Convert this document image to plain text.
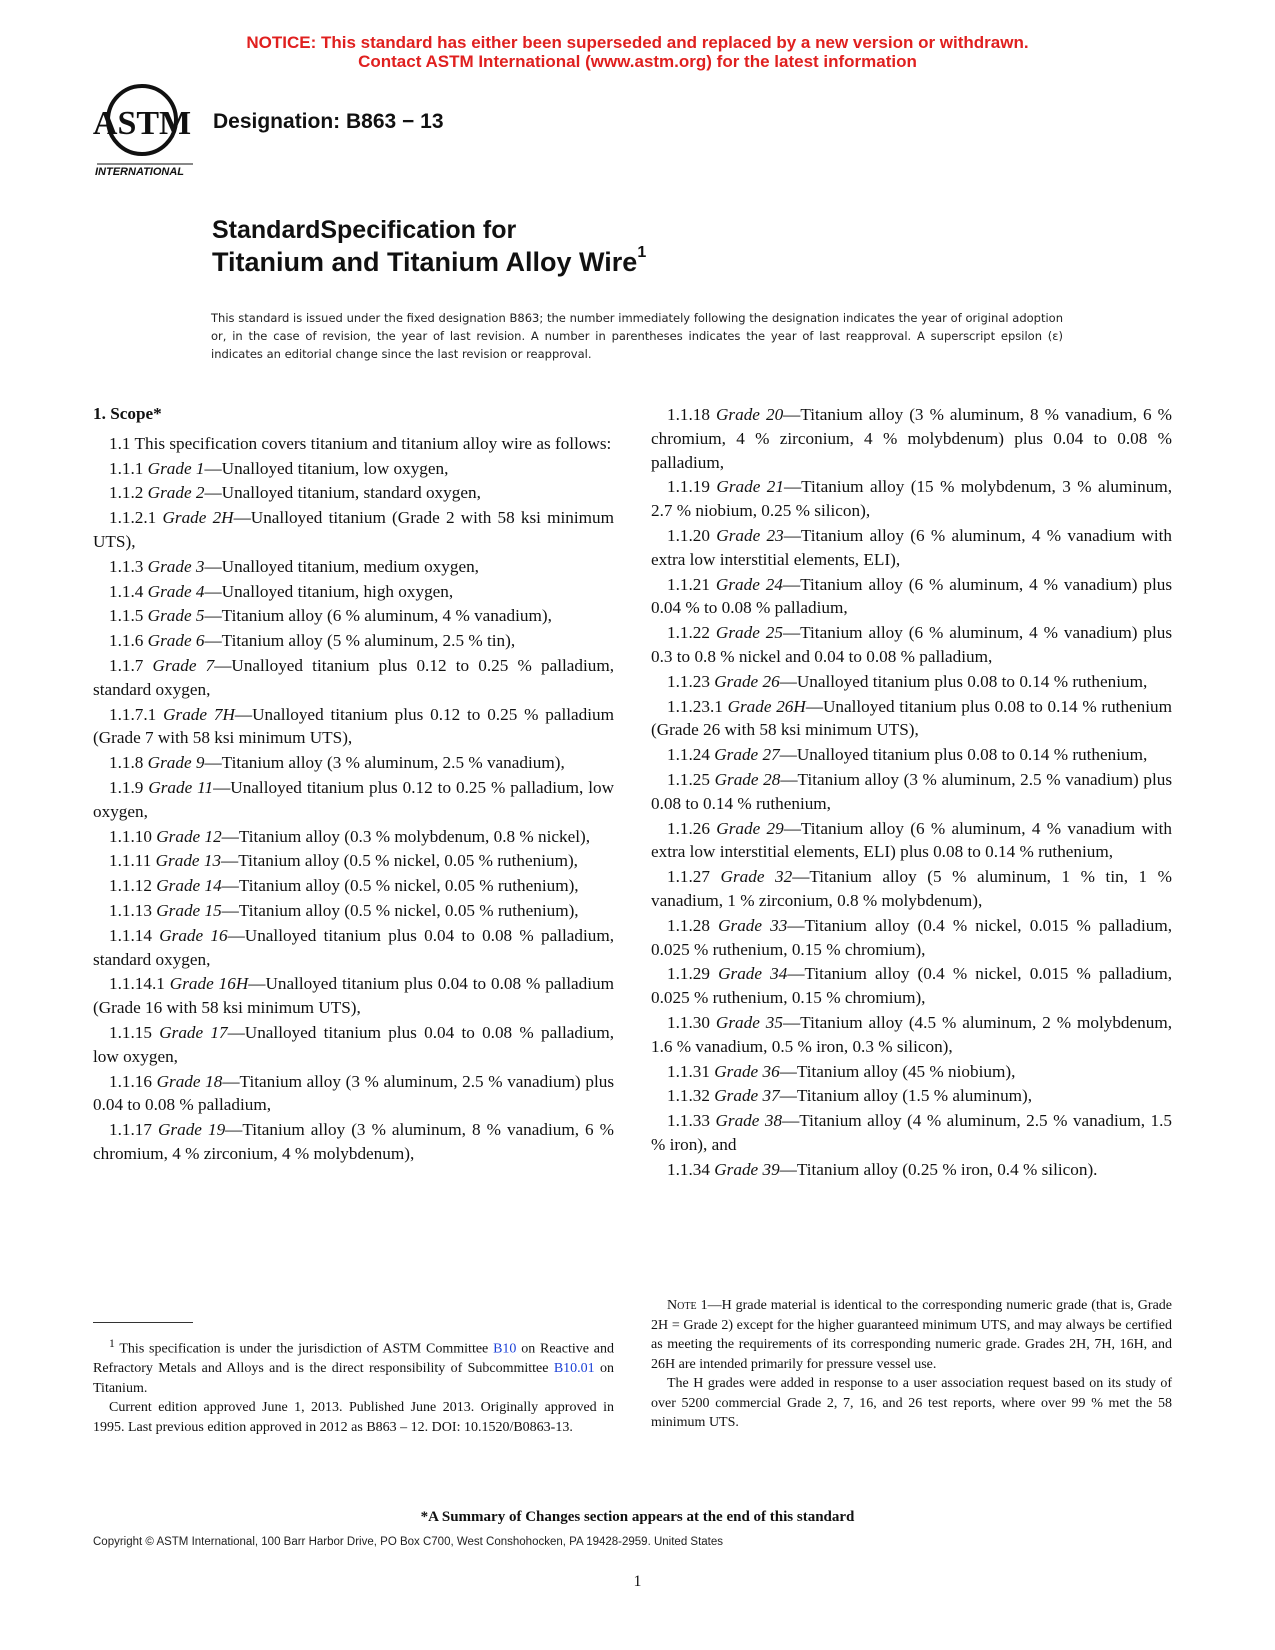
NOTICE: This standard has either been superseded and replaced by a new version or withdrawn.
Contact ASTM International (www.astm.org) for the latest information
ASTM
INTERNATIONAL
Designation: B863 − 13
StandardSpecification for
Titanium and Titanium Alloy Wire$^1$
This standard is issued under the fixed designation B863; the number immediately following the designation indicates the year of original adoption or, in the case of revision, the year of last revision. A number in parentheses indicates the year of last reapproval. A superscript epsilon (ε) indicates an editorial change since the last revision or reapproval.

1. Scope*

1.1 This specification covers titanium and titanium alloy wire as follows:

1.1.1 Grade 1—Unalloyed titanium, low oxygen,

1.1.2 Grade 2—Unalloyed titanium, standard oxygen,

1.1.2.1 Grade 2H—Unalloyed titanium (Grade 2 with 58 ksi minimum UTS),

1.1.3 Grade 3—Unalloyed titanium, medium oxygen,

1.1.4 Grade 4—Unalloyed titanium, high oxygen,

1.1.5 Grade 5—Titanium alloy (6 % aluminum, 4 % vanadium),

1.1.6 Grade 6—Titanium alloy (5 % aluminum, 2.5 % tin),

1.1.7 Grade 7—Unalloyed titanium plus 0.12 to 0.25 % palladium, standard oxygen,

1.1.7.1 Grade 7H—Unalloyed titanium plus 0.12 to 0.25 % palladium (Grade 7 with 58 ksi minimum UTS),

1.1.8 Grade 9—Titanium alloy (3 % aluminum, 2.5 % vanadium),

1.1.9 Grade 11—Unalloyed titanium plus 0.12 to 0.25 % palladium, low oxygen,

1.1.10 Grade 12—Titanium alloy (0.3 % molybdenum, 0.8 % nickel),

1.1.11 Grade 13—Titanium alloy (0.5 % nickel, 0.05 % ruthenium),

1.1.12 Grade 14—Titanium alloy (0.5 % nickel, 0.05 % ruthenium),

1.1.13 Grade 15—Titanium alloy (0.5 % nickel, 0.05 % ruthenium),

1.1.14 Grade 16—Unalloyed titanium plus 0.04 to 0.08 % palladium, standard oxygen,

1.1.14.1 Grade 16H—Unalloyed titanium plus 0.04 to 0.08 % palladium (Grade 16 with 58 ksi minimum UTS),

1.1.15 Grade 17—Unalloyed titanium plus 0.04 to 0.08 % palladium, low oxygen,

1.1.16 Grade 18—Titanium alloy (3 % aluminum, 2.5 % vanadium) plus 0.04 to 0.08 % palladium,

1.1.17 Grade 19—Titanium alloy (3 % aluminum, 8 % vanadium, 6 % chromium, 4 % zirconium, 4 % molybdenum),

1.1.18 Grade 20—Titanium alloy (3 % aluminum, 8 % vanadium, 6 % chromium, 4 % zirconium, 4 % molybdenum) plus 0.04 to 0.08 % palladium,

1.1.19 Grade 21—Titanium alloy (15 % molybdenum, 3 % aluminum, 2.7 % niobium, 0.25 % silicon),

1.1.20 Grade 23—Titanium alloy (6 % aluminum, 4 % vanadium with extra low interstitial elements, ELI),

1.1.21 Grade 24—Titanium alloy (6 % aluminum, 4 % vanadium) plus 0.04 % to 0.08 % palladium,

1.1.22 Grade 25—Titanium alloy (6 % aluminum, 4 % vanadium) plus 0.3 to 0.8 % nickel and 0.04 to 0.08 % palladium,

1.1.23 Grade 26—Unalloyed titanium plus 0.08 to 0.14 % ruthenium,

1.1.23.1 Grade 26H—Unalloyed titanium plus 0.08 to 0.14 % ruthenium (Grade 26 with 58 ksi minimum UTS),

1.1.24 Grade 27—Unalloyed titanium plus 0.08 to 0.14 % ruthenium,

1.1.25 Grade 28—Titanium alloy (3 % aluminum, 2.5 % vanadium) plus 0.08 to 0.14 % ruthenium,

1.1.26 Grade 29—Titanium alloy (6 % aluminum, 4 % vanadium with extra low interstitial elements, ELI) plus 0.08 to 0.14 % ruthenium,

1.1.27 Grade 32—Titanium alloy (5 % aluminum, 1 % tin, 1 % vanadium, 1 % zirconium, 0.8 % molybdenum),

1.1.28 Grade 33—Titanium alloy (0.4 % nickel, 0.015 % palladium, 0.025 % ruthenium, 0.15 % chromium),

1.1.29 Grade 34—Titanium alloy (0.4 % nickel, 0.015 % palladium, 0.025 % ruthenium, 0.15 % chromium),

1.1.30 Grade 35—Titanium alloy (4.5 % aluminum, 2 % molybdenum, 1.6 % vanadium, 0.5 % iron, 0.3 % silicon),

1.1.31 Grade 36—Titanium alloy (45 % niobium),

1.1.32 Grade 37—Titanium alloy (1.5 % aluminum),

1.1.33 Grade 38—Titanium alloy (4 % aluminum, 2.5 % vanadium, 1.5 % iron), and

1.1.34 Grade 39—Titanium alloy (0.25 % iron, 0.4 % silicon).

Note 1—H grade material is identical to the corresponding numeric grade (that is, Grade 2H = Grade 2) except for the higher guaranteed minimum UTS, and may always be certified as meeting the requirements of its corresponding numeric grade. Grades 2H, 7H, 16H, and 26H are intended primarily for pressure vessel use.

The H grades were added in response to a user association request based on its study of over 5200 commercial Grade 2, 7, 16, and 26 test reports, where over 99 % met the 58 minimum UTS.

$^1$ This specification is under the jurisdiction of ASTM Committee B10 on Reactive and Refractory Metals and Alloys and is the direct responsibility of Subcommittee B10.01 on Titanium.

Current edition approved June 1, 2013. Published June 2013. Originally approved in 1995. Last previous edition approved in 2012 as B863 – 12. DOI: 10.1520/B0863-13.

*A Summary of Changes section appears at the end of this standard
Copyright © ASTM International, 100 Barr Harbor Drive, PO Box C700, West Conshohocken, PA 19428-2959. United States
1
